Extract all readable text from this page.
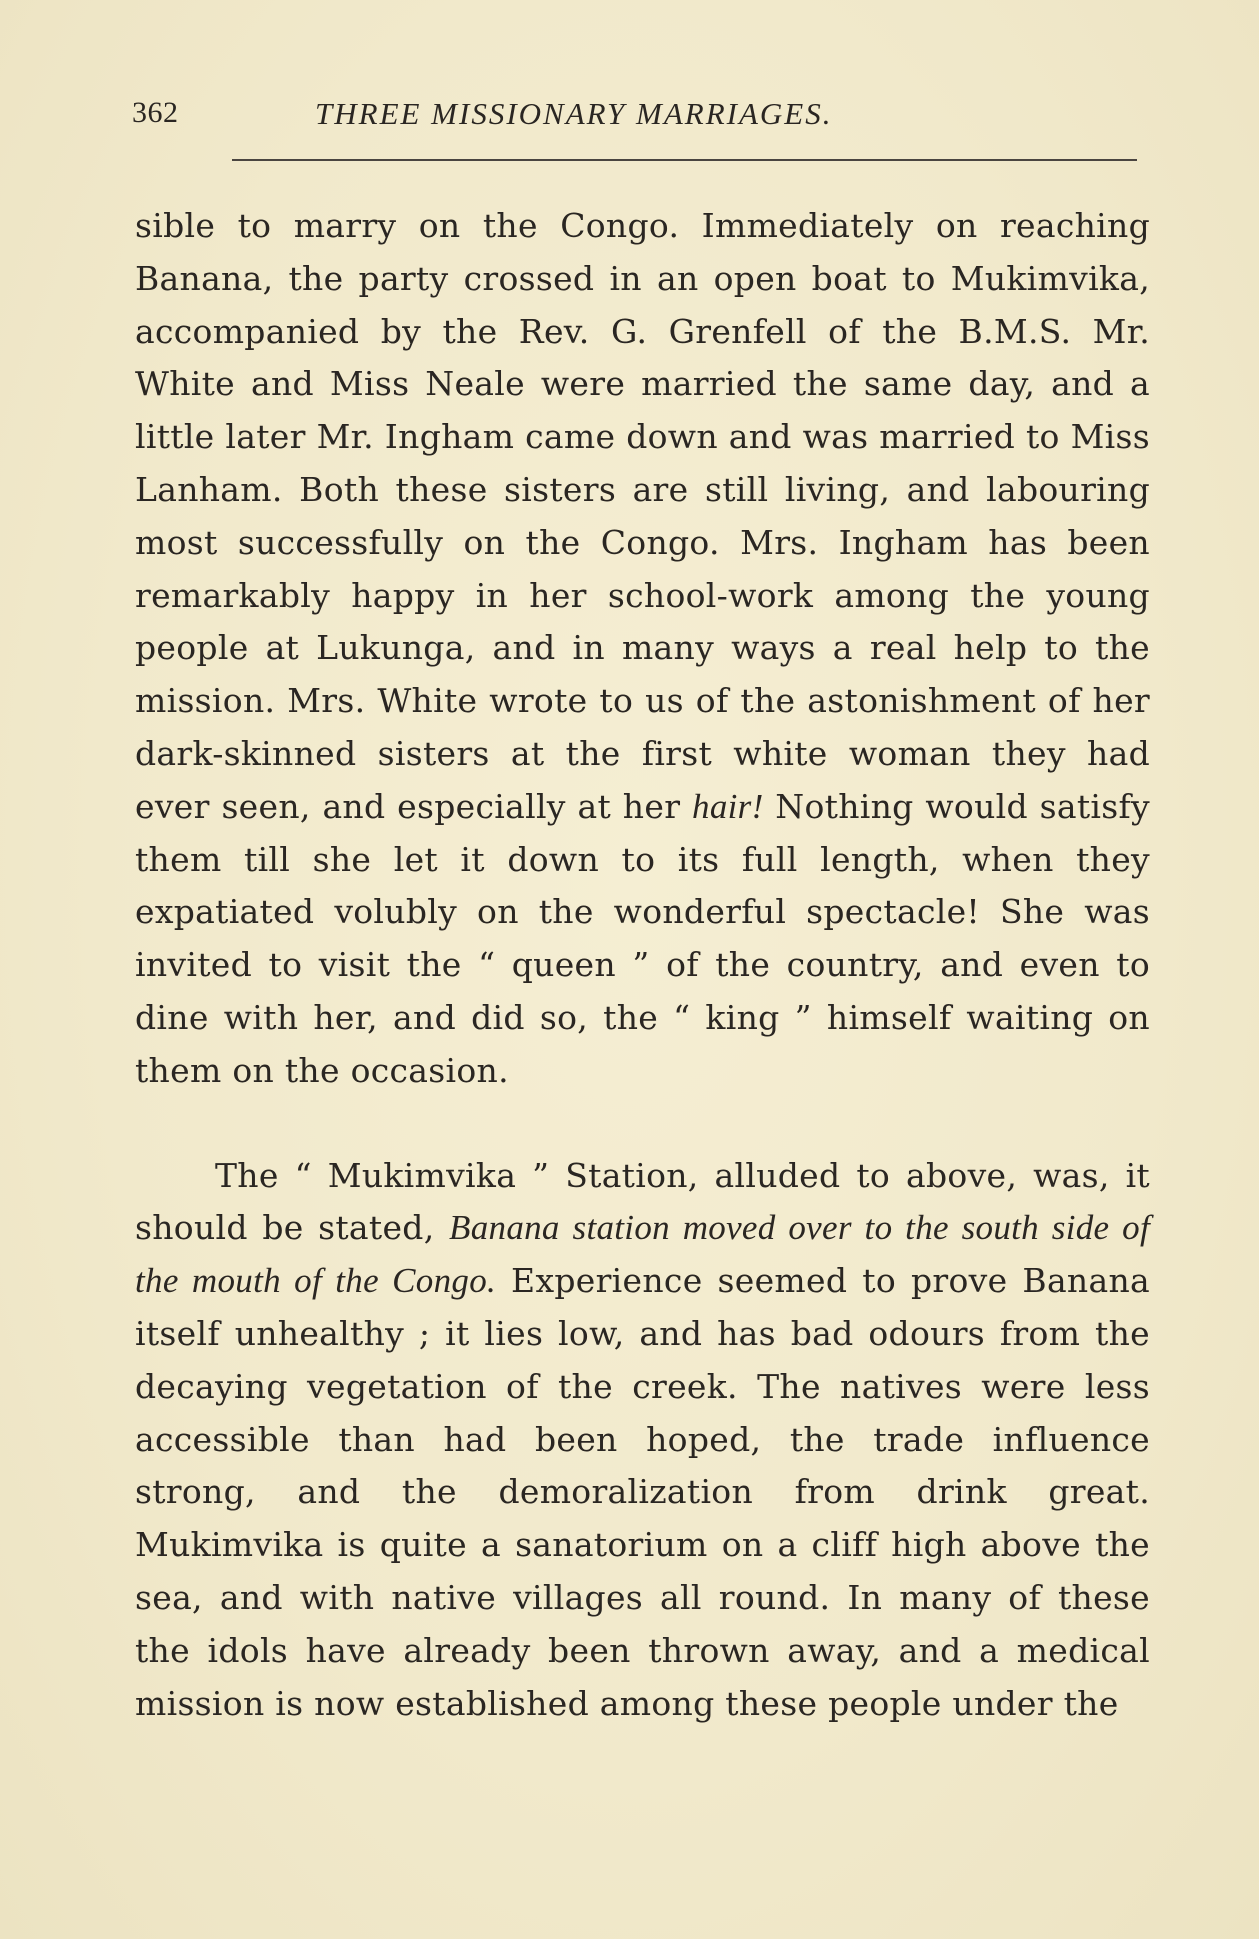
362	THREE MISSIONARY MARRIAGES.

sible to marry on the Congo. Immediately on reaching Banana, the party crossed in an open boat to Mukimvika, accompanied by the Rev. G. Grenfell of the B.M.S. Mr. White and Miss Neale were married the same day, and a little later Mr. Ingham came down and was married to Miss Lanham. Both these sisters are still living, and labouring most successfully on the Congo. Mrs. Ingham has been remarkably happy in her school-work among the young people at Lukunga, and in many ways a real help to the mission. Mrs. White wrote to us of the astonishment of her dark-skinned sisters at the first white woman they had ever seen, and especially at her hair! Nothing would satisfy them till she let it down to its full length, when they expatiated volubly on the wonderful spectacle! She was invited to visit the “ queen ” of the country, and even to dine with her, and did so, the “ king ” himself waiting on them on the occasion.

The “ Mukimvika ” Station, alluded to above, was, it should be stated, Banana station moved over to the south side of the mouth of the Congo. Experience seemed to prove Banana itself unhealthy ; it lies low, and has bad odours from the decaying vegetation of the creek. The natives were less accessible than had been hoped, the trade influence strong, and the demoralization from drink great. Mukimvika is quite a sanatorium on a cliff high above the sea, and with native villages all round. In many of these the idols have already been thrown away, and a medical mission is now established among these people under the
